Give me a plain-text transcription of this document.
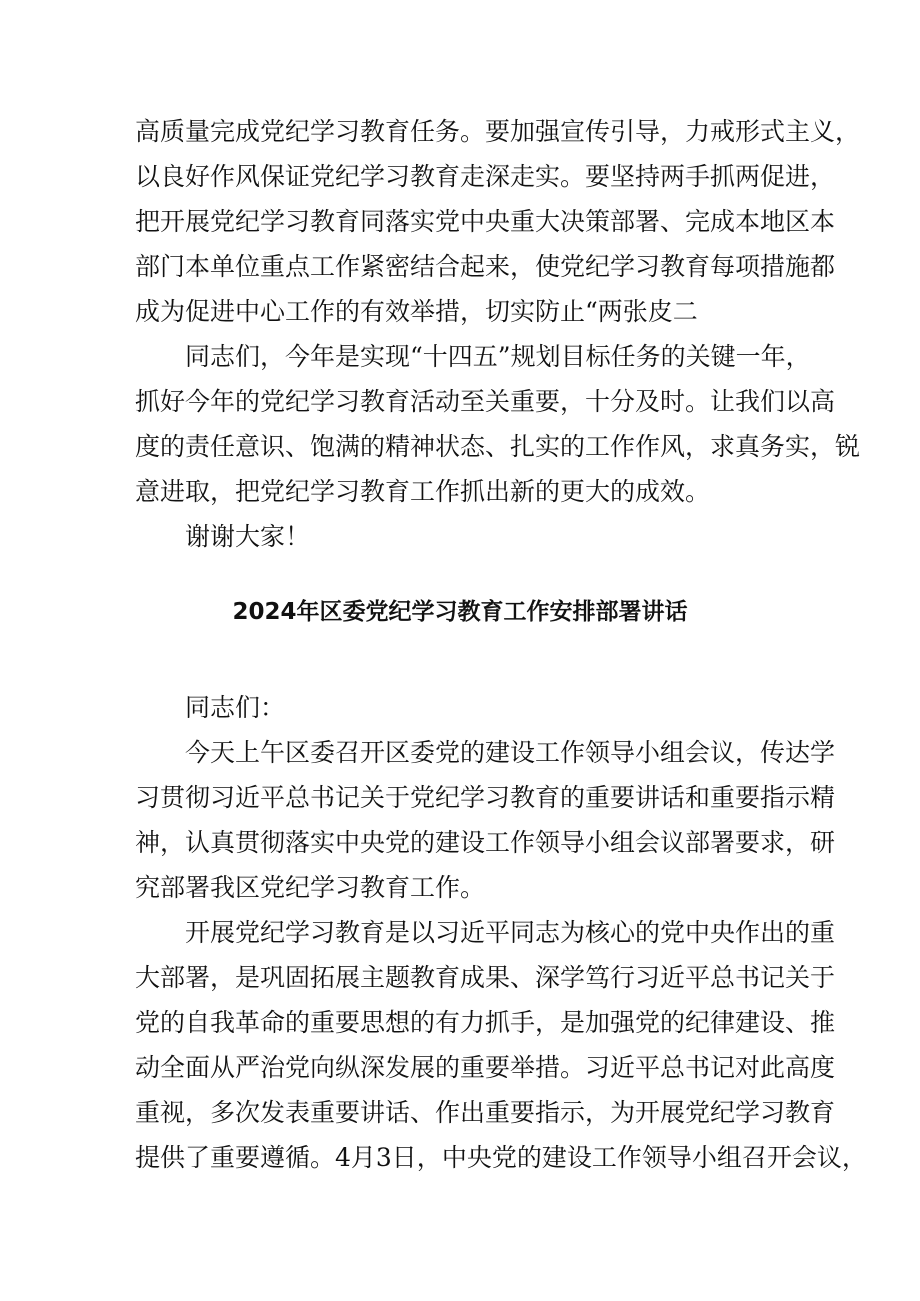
高质量完成党纪学习教育任务。要加强宣传引导，力戒形式主义，
以良好作风保证党纪学习教育走深走实。要坚持两手抓两促进，
把开展党纪学习教育同落实党中央重大决策部署、完成本地区本
部门本单位重点工作紧密结合起来，使党纪学习教育每项措施都
成为促进中心工作的有效举措，切实防止“两张皮二
同志们，今年是实现“十四五”规划目标任务的关键一年，
抓好今年的党纪学习教育活动至关重要，十分及时。让我们以高
度的责任意识、饱满的精神状态、扎实的工作作风，求真务实，锐
意进取，把党纪学习教育工作抓出新的更大的成效。
谢谢大家！
2024年区委党纪学习教育工作安排部署讲话
同志们：
今天上午区委召开区委党的建设工作领导小组会议，传达学
习贯彻习近平总书记关于党纪学习教育的重要讲话和重要指示精
神，认真贯彻落实中央党的建设工作领导小组会议部署要求，研
究部署我区党纪学习教育工作。
开展党纪学习教育是以习近平同志为核心的党中央作出的重
大部署，是巩固拓展主题教育成果、深学笃行习近平总书记关于
党的自我革命的重要思想的有力抓手，是加强党的纪律建设、推
动全面从严治党向纵深发展的重要举措。习近平总书记对此高度
重视，多次发表重要讲话、作出重要指示，为开展党纪学习教育
提供了重要遵循。4月3日，中央党的建设工作领导小组召开会议，
